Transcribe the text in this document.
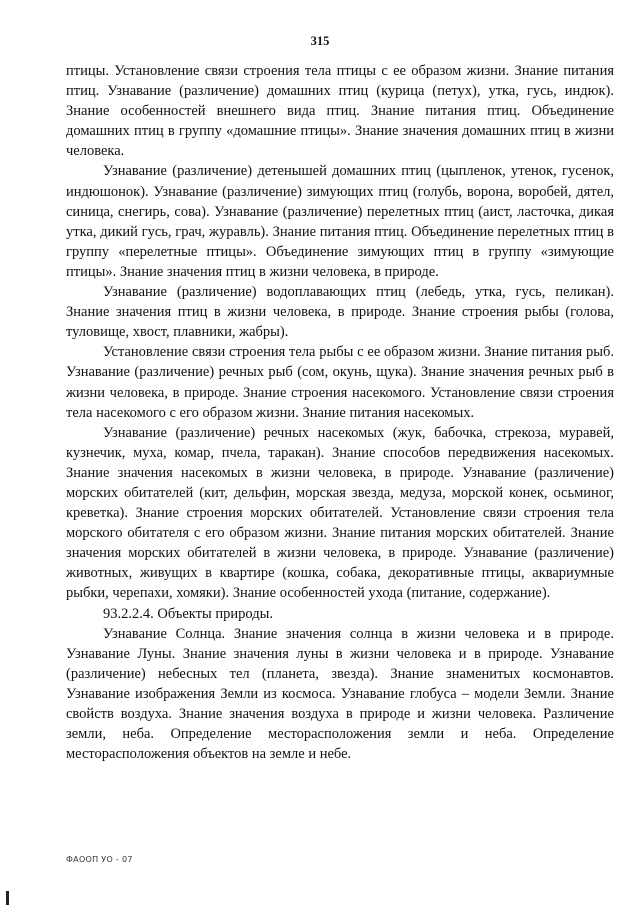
315

птицы. Установление связи строения тела птицы с ее образом жизни. Знание питания птиц. Узнавание (различение) домашних птиц (курица (петух), утка, гусь, индюк). Знание особенностей внешнего вида птиц. Знание питания птиц. Объединение домашних птиц в группу «домашние птицы». Знание значения домашних птиц в жизни человека.

Узнавание (различение) детенышей домашних птиц (цыпленок, утенок, гусенок, индюшонок). Узнавание (различение) зимующих птиц (голубь, ворона, воробей, дятел, синица, снегирь, сова). Узнавание (различение) перелетных птиц (аист, ласточка, дикая утка, дикий гусь, грач, журавль). Знание питания птиц. Объединение перелетных птиц в группу «перелетные птицы». Объединение зимующих птиц в группу «зимующие птицы». Знание значения птиц в жизни человека, в природе.

Узнавание (различение) водоплавающих птиц (лебедь, утка, гусь, пеликан). Знание значения птиц в жизни человека, в природе. Знание строения рыбы (голова, туловище, хвост, плавники, жабры).

Установление связи строения тела рыбы с ее образом жизни. Знание питания рыб. Узнавание (различение) речных рыб (сом, окунь, щука). Знание значения речных рыб в жизни человека, в природе. Знание строения насекомого. Установление связи строения тела насекомого с его образом жизни. Знание питания насекомых.

Узнавание (различение) речных насекомых (жук, бабочка, стрекоза, муравей, кузнечик, муха, комар, пчела, таракан). Знание способов передвижения насекомых. Знание значения насекомых в жизни человека, в природе. Узнавание (различение) морских обитателей (кит, дельфин, морская звезда, медуза, морской конек, осьминог, креветка). Знание строения морских обитателей. Установление связи строения тела морского обитателя с его образом жизни. Знание питания морских обитателей. Знание значения морских обитателей в жизни человека, в природе. Узнавание (различение) животных, живущих в квартире (кошка, собака, декоративные птицы, аквариумные рыбки, черепахи, хомяки). Знание особенностей ухода (питание, содержание).

93.2.2.4. Объекты природы.

Узнавание Солнца. Знание значения солнца в жизни человека и в природе. Узнавание Луны. Знание значения луны в жизни человека и в природе. Узнавание (различение) небесных тел (планета, звезда). Знание знаменитых космонавтов. Узнавание изображения Земли из космоса. Узнавание глобуса – модели Земли. Знание свойств воздуха. Знание значения воздуха в природе и жизни человека. Различение земли, неба. Определение месторасположения земли и неба. Определение месторасположения объектов на земле и небе.

ФАООП УО - 07
